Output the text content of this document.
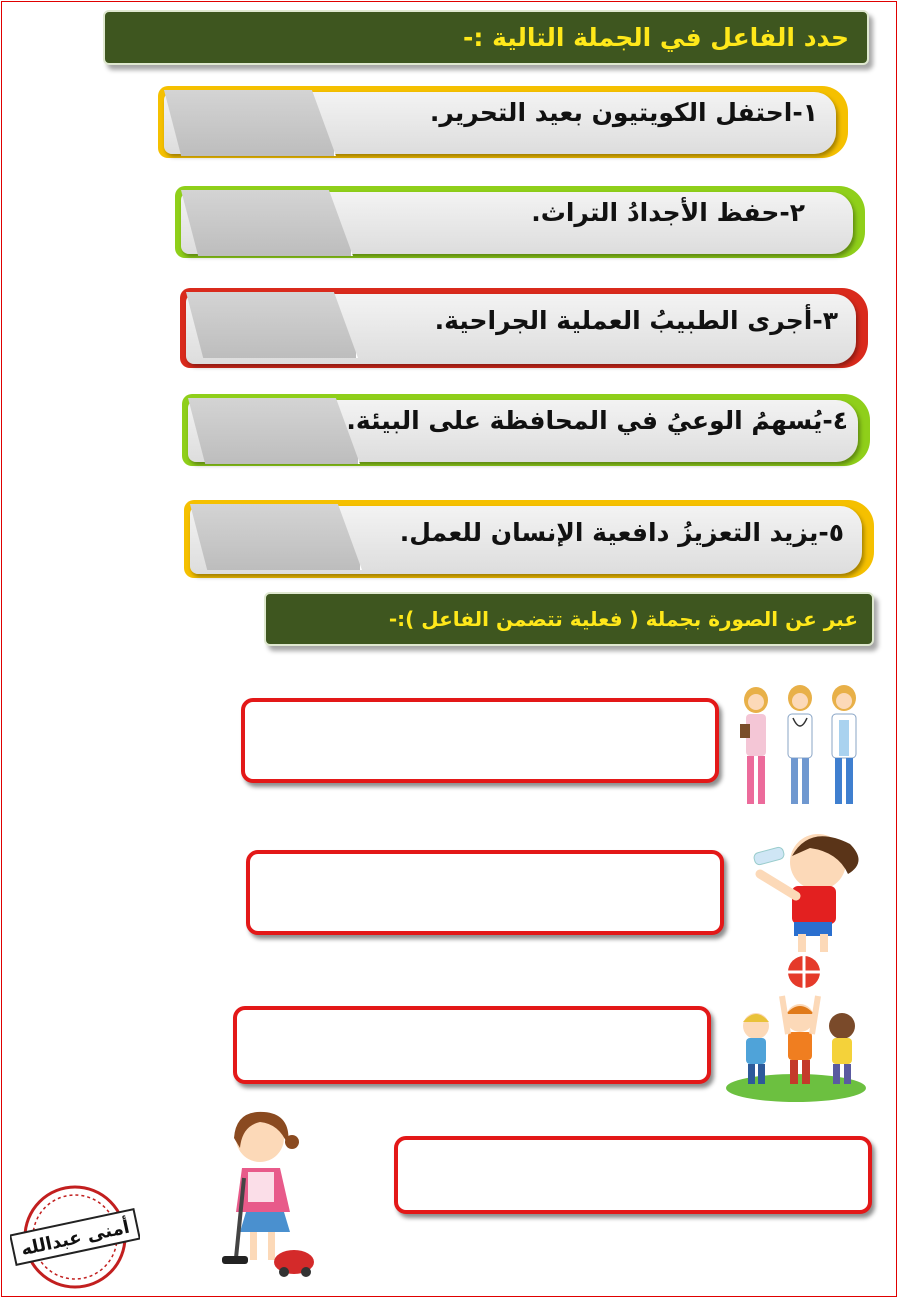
حدد الفاعل في الجملة التالية :-
١-احتفل الكويتيون بعيد التحرير.
٢-حفظ الأجدادُ التراث.
٣-أجرى الطبيبُ العملية الجراحية.
٤-يُسهمُ الوعيُ في المحافظة على البيئة.
٥-يزيد التعزيزُ دافعية الإنسان للعمل.
عبر عن الصورة بجملة ( فعلية تتضمن الفاعل ):-
أمنى عبدالله
